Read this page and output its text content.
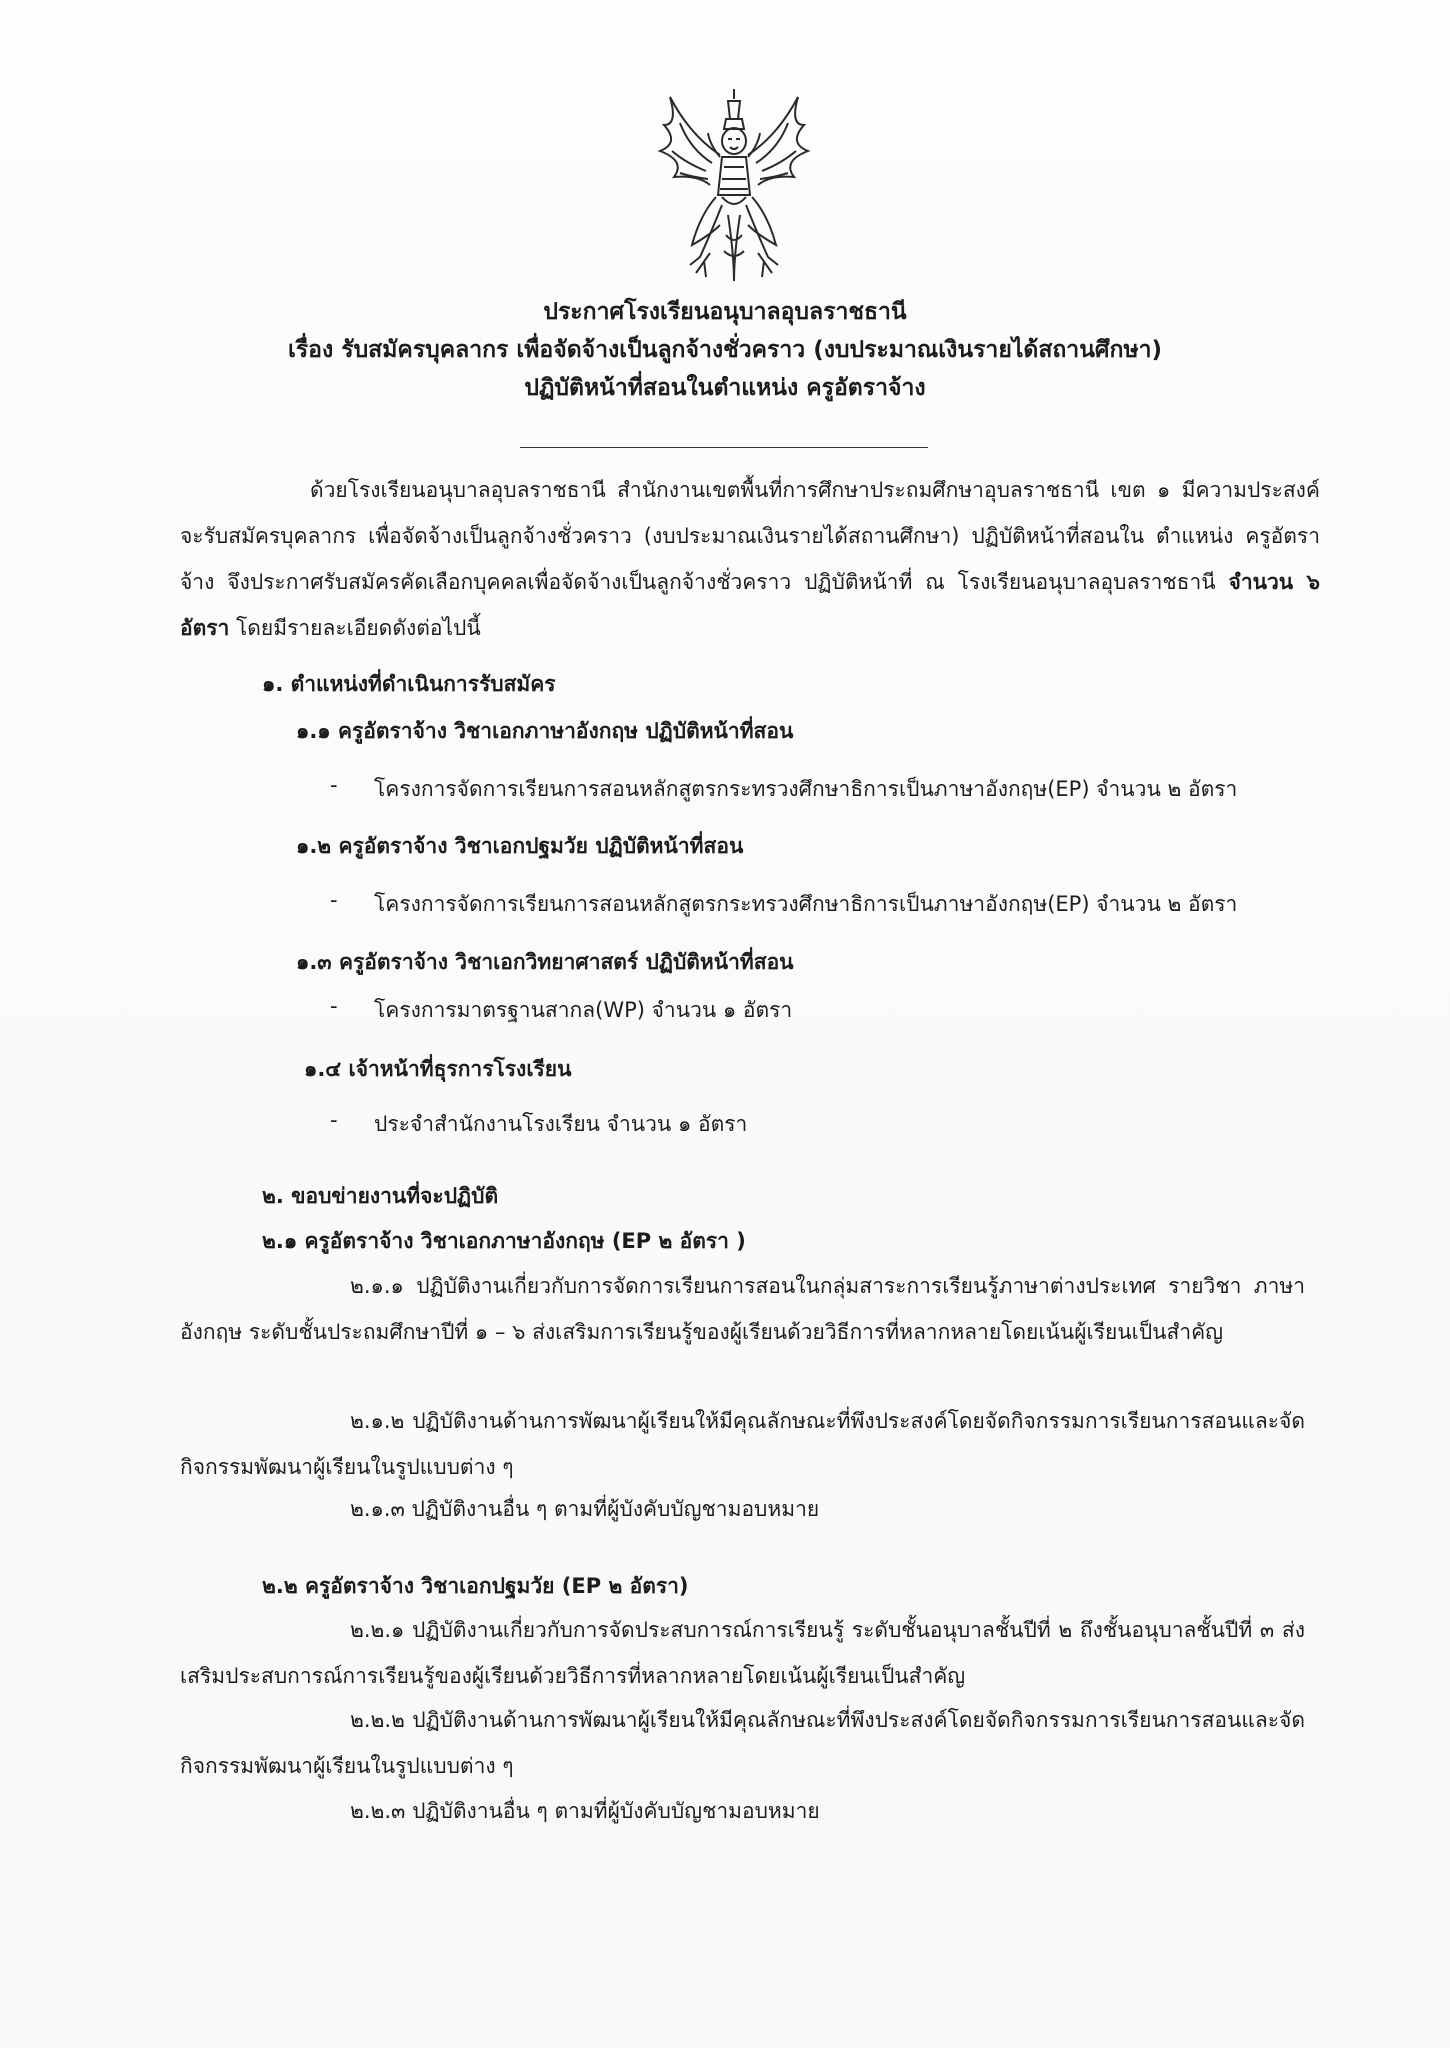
ประกาศโรงเรียนอนุบาลอุบลราชธานี
เรื่อง รับสมัครบุคลากร เพื่อจัดจ้างเป็นลูกจ้างชั่วคราว (งบประมาณเงินรายได้สถานศึกษา)
ปฏิบัติหน้าที่สอนในตำแหน่ง ครูอัตราจ้าง
ด้วยโรงเรียนอนุบาลอุบลราชธานี สำนักงานเขตพื้นที่การศึกษาประถมศึกษาอุบลราชธานี เขต ๑ มีความประสงค์จะรับสมัครบุคลากร เพื่อจัดจ้างเป็นลูกจ้างชั่วคราว (งบประมาณเงินรายได้สถานศึกษา) ปฏิบัติหน้าที่สอนใน ตำแหน่ง ครูอัตราจ้าง จึงประกาศรับสมัครคัดเลือกบุคคลเพื่อจัดจ้างเป็นลูกจ้างชั่วคราว ปฏิบัติหน้าที่ ณ โรงเรียนอนุบาลอุบลราชธานี จำนวน ๖ อัตรา โดยมีรายละเอียดดังต่อไปนี้
๑. ตำแหน่งที่ดำเนินการรับสมัคร
๑.๑ ครูอัตราจ้าง วิชาเอกภาษาอังกฤษ ปฏิบัติหน้าที่สอน
-	โครงการจัดการเรียนการสอนหลักสูตรกระทรวงศึกษาธิการเป็นภาษาอังกฤษ(EP) จำนวน ๒ อัตรา
๑.๒ ครูอัตราจ้าง วิชาเอกปฐมวัย ปฏิบัติหน้าที่สอน
-	โครงการจัดการเรียนการสอนหลักสูตรกระทรวงศึกษาธิการเป็นภาษาอังกฤษ(EP) จำนวน ๒ อัตรา
๑.๓ ครูอัตราจ้าง วิชาเอกวิทยาศาสตร์ ปฏิบัติหน้าที่สอน
-	โครงการมาตรฐานสากล(WP) จำนวน ๑ อัตรา
๑.๔ เจ้าหน้าที่ธุรการโรงเรียน
-	ประจำสำนักงานโรงเรียน จำนวน ๑ อัตรา
๒. ขอบข่ายงานที่จะปฏิบัติ
๒.๑ ครูอัตราจ้าง วิชาเอกภาษาอังกฤษ (EP ๒ อัตรา )
๒.๑.๑ ปฏิบัติงานเกี่ยวกับการจัดการเรียนการสอนในกลุ่มสาระการเรียนรู้ภาษาต่างประเทศ รายวิชา ภาษาอังกฤษ ระดับชั้นประถมศึกษาปีที่ ๑ – ๖ ส่งเสริมการเรียนรู้ของผู้เรียนด้วยวิธีการที่หลากหลายโดยเน้นผู้เรียนเป็นสำคัญ
๒.๑.๒ ปฏิบัติงานด้านการพัฒนาผู้เรียนให้มีคุณลักษณะที่พึงประสงค์โดยจัดกิจกรรมการเรียนการสอนและจัดกิจกรรมพัฒนาผู้เรียนในรูปแบบต่าง ๆ
๒.๑.๓ ปฏิบัติงานอื่น ๆ ตามที่ผู้บังคับบัญชามอบหมาย
๒.๒ ครูอัตราจ้าง วิชาเอกปฐมวัย (EP ๒ อัตรา)
๒.๒.๑ ปฏิบัติงานเกี่ยวกับการจัดประสบการณ์การเรียนรู้ ระดับชั้นอนุบาลชั้นปีที่ ๒ ถึงชั้นอนุบาลชั้นปีที่ ๓ ส่งเสริมประสบการณ์การเรียนรู้ของผู้เรียนด้วยวิธีการที่หลากหลายโดยเน้นผู้เรียนเป็นสำคัญ
๒.๒.๒ ปฏิบัติงานด้านการพัฒนาผู้เรียนให้มีคุณลักษณะที่พึงประสงค์โดยจัดกิจกรรมการเรียนการสอนและจัดกิจกรรมพัฒนาผู้เรียนในรูปแบบต่าง ๆ
๒.๒.๓ ปฏิบัติงานอื่น ๆ ตามที่ผู้บังคับบัญชามอบหมาย
